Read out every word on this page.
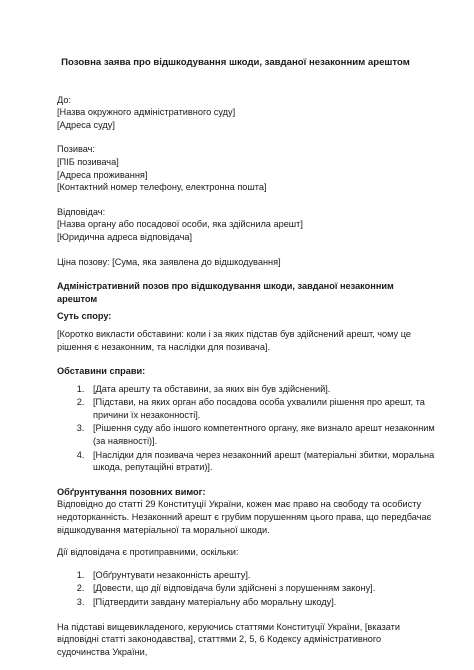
Позовна заява про відшкодування шкоди, завданої незаконним арештом
До:
[Назва окружного адміністративного суду]
[Адреса суду]
Позивач:
[ПІБ позивача]
[Адреса проживання]
[Контактний номер телефону, електронна пошта]
Відповідач:
[Назва органу або посадової особи, яка здійснила арешт]
[Юридична адреса відповідача]
Ціна позову: [Сума, яка заявлена до відшкодування]
Адміністративний позов про відшкодування шкоди, завданої незаконним
арештом
Суть спору:
[Коротко викласти обставини: коли і за яких підстав був здійснений арешт, чому це
рішення є незаконним, та наслідки для позивача].
Обставини справи:
1. [Дата арешту та обставини, за яких він був здійснений].
2. [Підстави, на яких орган або посадова особа ухвалили рішення про арешт, та
причини їх незаконності].
3. [Рішення суду або іншого компетентного органу, яке визнало арешт незаконним
(за наявності)].
4. [Наслідки для позивача через незаконний арешт (матеріальні збитки, моральна
шкода, репутаційні втрати)].
Обґрунтування позовних вимог:
Відповідно до статті 29 Конституції України, кожен має право на свободу та особисту
недоторканність. Незаконний арешт є грубим порушенням цього права, що передбачає
відшкодування матеріальної та моральної шкоди.
Дії відповідача є протиправними, оскільки:
1. [Обґрунтувати незаконність арешту].
2. [Довести, що дії відповідача були здійснені з порушенням закону].
3. [Підтвердити завдану матеріальну або моральну шкоду].
На підставі вищевикладеного, керуючись статтями Конституції України, [вказати
відповідні статті законодавства], статтями 2, 5, 6 Кодексу адміністративного
судочинства України,
